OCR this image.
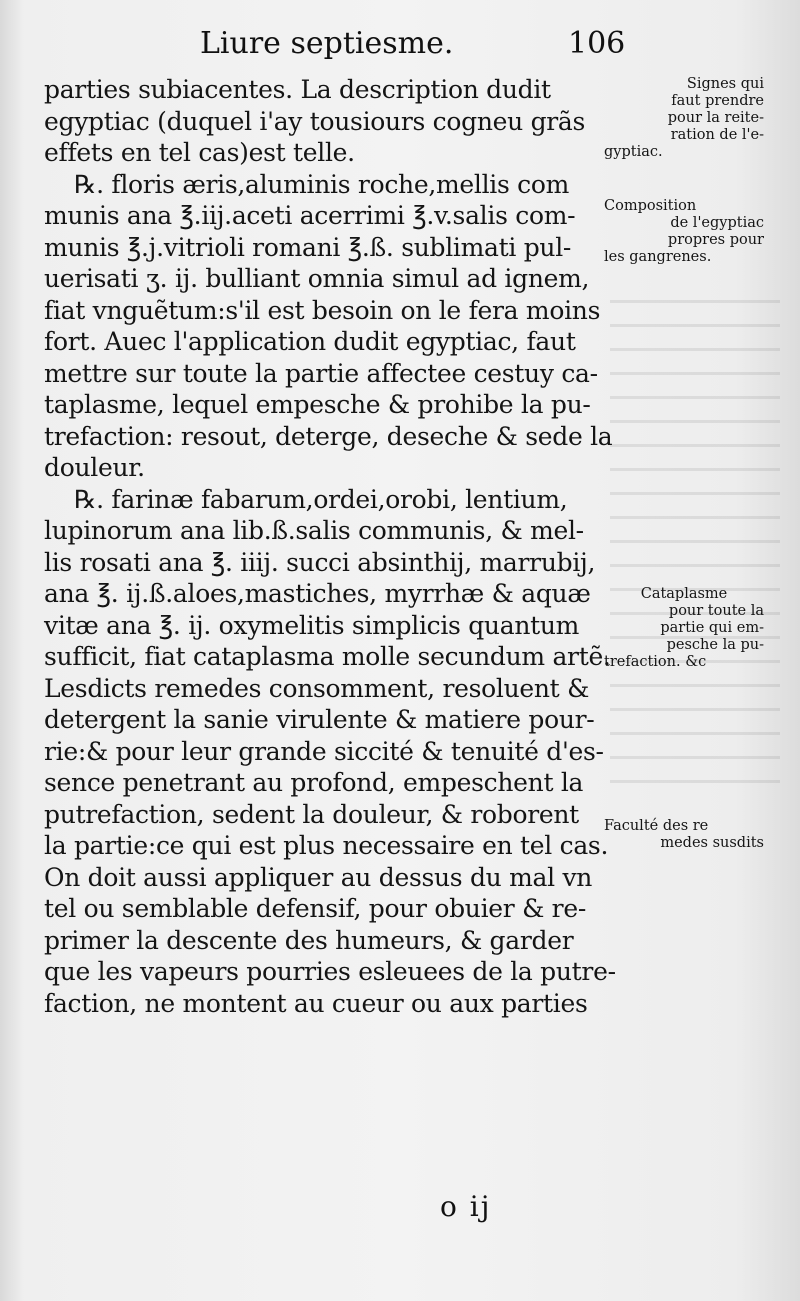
Liure septiesme.	106
parties subiacentes. La description dudit
egyptiac (duquel i'ay tousiours cogneu grãs
effets en tel cas)est telle.
℞. floris æris,aluminis roche,mellis com
munis ana ℥.iij.aceti acerrimi ℥.v.salis com-
munis ℥.j.vitrioli romani ℥.ß. sublimati pul-
uerisati ʒ. ij. bulliant omnia simul ad ignem,
fiat vnguẽtum:s'il est besoin on le fera moins
fort. Auec l'application dudit egyptiac, faut
mettre sur toute la partie affectee cestuy ca-
taplasme, lequel empesche & prohibe la pu-
trefaction: resout, deterge, deseche & sede la
douleur.
℞. farinæ fabarum,ordei,orobi, lentium,
lupinorum ana lib.ß.salis communis, & mel-
lis rosati ana ℥. iiij. succi absinthij, marrubij,
ana ℥. ij.ß.aloes,mastiches, myrrhæ & aquæ
vitæ ana ℥. ij. oxymelitis simplicis quantum
sufficit, fiat cataplasma molle secundum artẽ.
Lesdicts remedes consomment, resoluent &
detergent la sanie virulente & matiere pour-
rie:& pour leur grande siccité & tenuité d'es-
sence penetrant au profond, empeschent la
putrefaction, sedent la douleur, & roborent
la partie:ce qui est plus necessaire en tel cas.
On doit aussi appliquer au dessus du mal vn
tel ou semblable defensif, pour obuier & re-
primer la descente des humeurs, & garder
que les vapeurs pourries esleuees de la putre-
faction, ne montent au cueur ou aux parties
Signes qui
faut prendre
pour la reite-
ration de l'e-
gyptiac.
Composition
de l'egyptiac
propres pour
les gangrenes.
Cataplasme
pour toute la
partie qui em-
pesche la pu-
trefaction. &c
Faculté des re
medes susdits
o ij
